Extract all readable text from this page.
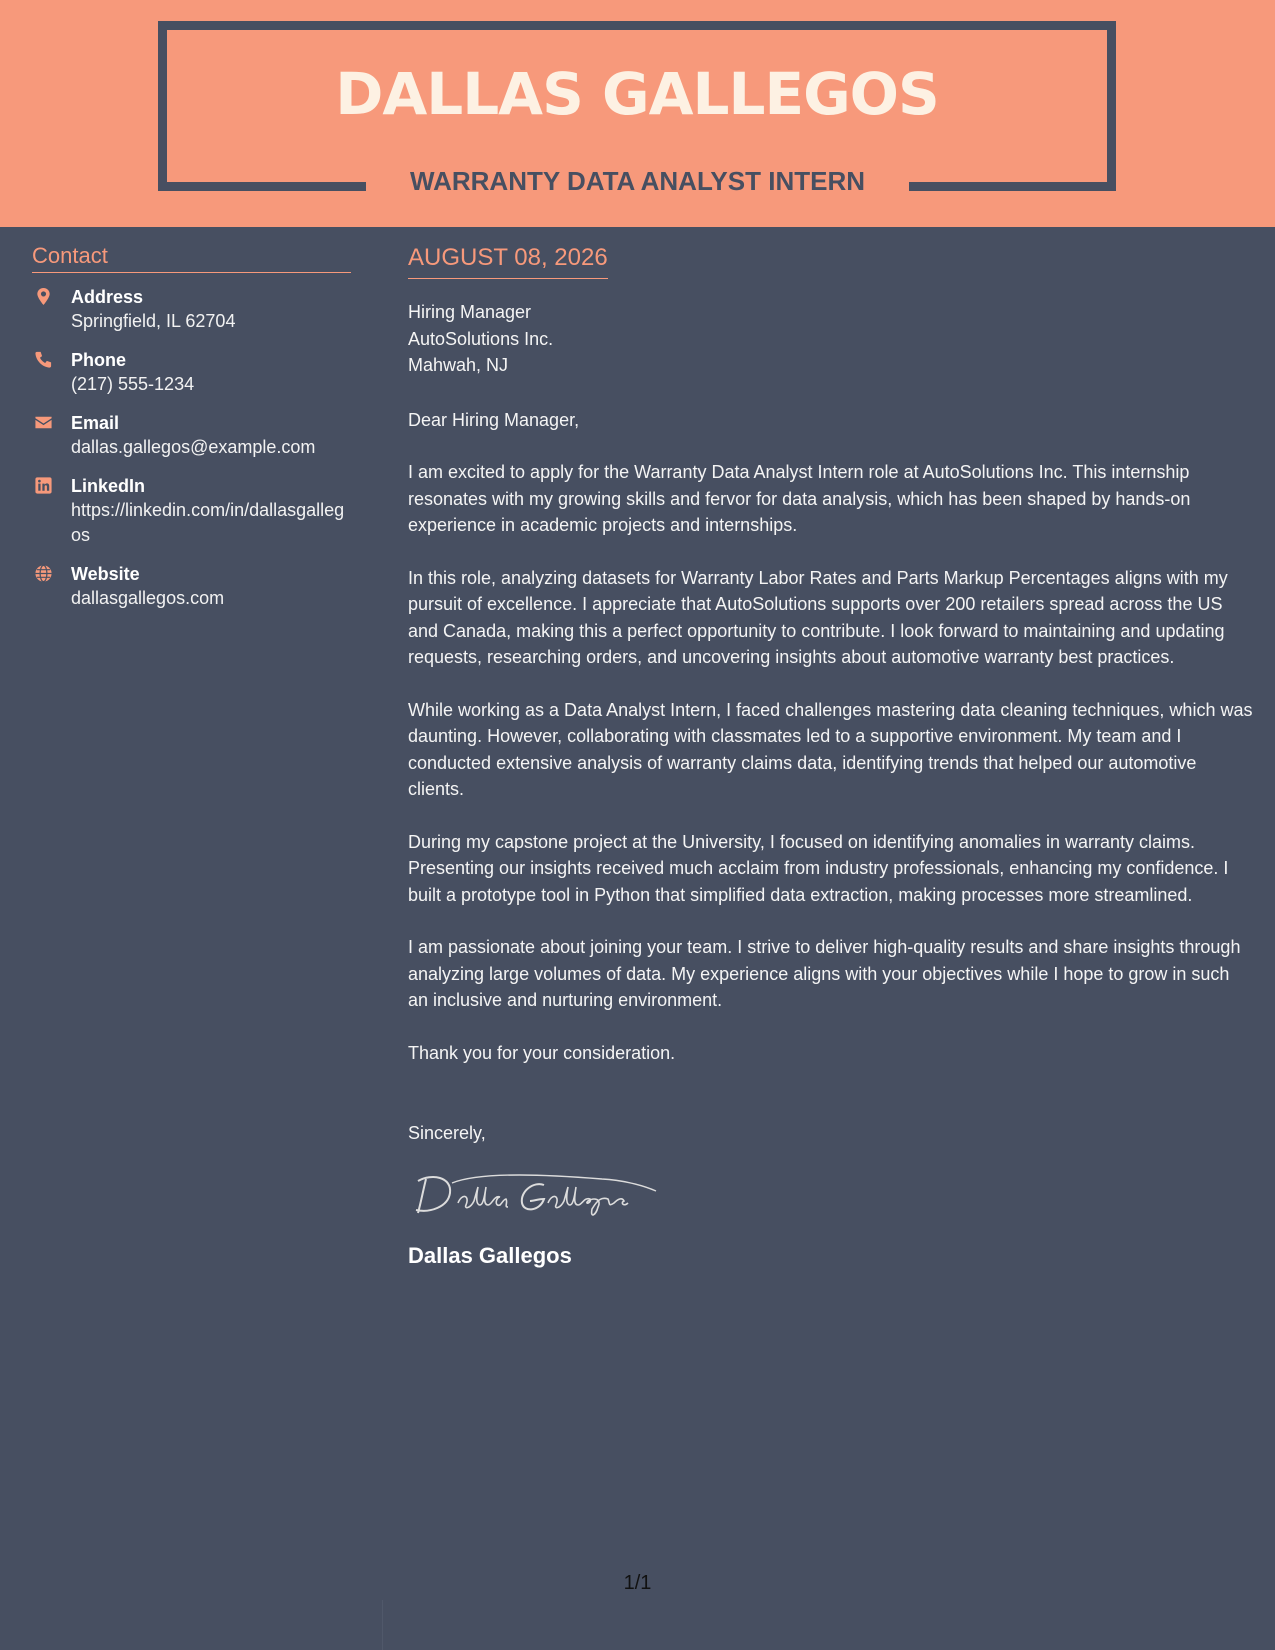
DALLAS GALLEGOS
WARRANTY DATA ANALYST INTERN
Contact
Address
Springfield, IL 62704
Phone
(217) 555-1234
Email
dallas.gallegos@example.com
LinkedIn
https://linkedin.com/in/dallasgallegos
Website
dallasgallegos.com
AUGUST 08, 2026
Hiring Manager
AutoSolutions Inc.
Mahwah, NJ
Dear Hiring Manager,
I am excited to apply for the Warranty Data Analyst Intern role at AutoSolutions Inc. This internship resonates with my growing skills and fervor for data analysis, which has been shaped by hands-on experience in academic projects and internships.
In this role, analyzing datasets for Warranty Labor Rates and Parts Markup Percentages aligns with my pursuit of excellence. I appreciate that AutoSolutions supports over 200 retailers spread across the US and Canada, making this a perfect opportunity to contribute. I look forward to maintaining and updating requests, researching orders, and uncovering insights about automotive warranty best practices.
While working as a Data Analyst Intern, I faced challenges mastering data cleaning techniques, which was daunting. However, collaborating with classmates led to a supportive environment. My team and I conducted extensive analysis of warranty claims data, identifying trends that helped our automotive clients.
During my capstone project at the University, I focused on identifying anomalies in warranty claims. Presenting our insights received much acclaim from industry professionals, enhancing my confidence. I built a prototype tool in Python that simplified data extraction, making processes more streamlined.
I am passionate about joining your team. I strive to deliver high-quality results and share insights through analyzing large volumes of data. My experience aligns with your objectives while I hope to grow in such an inclusive and nurturing environment.
Thank you for your consideration.
Sincerely,
Dallas Gallegos
1/1
